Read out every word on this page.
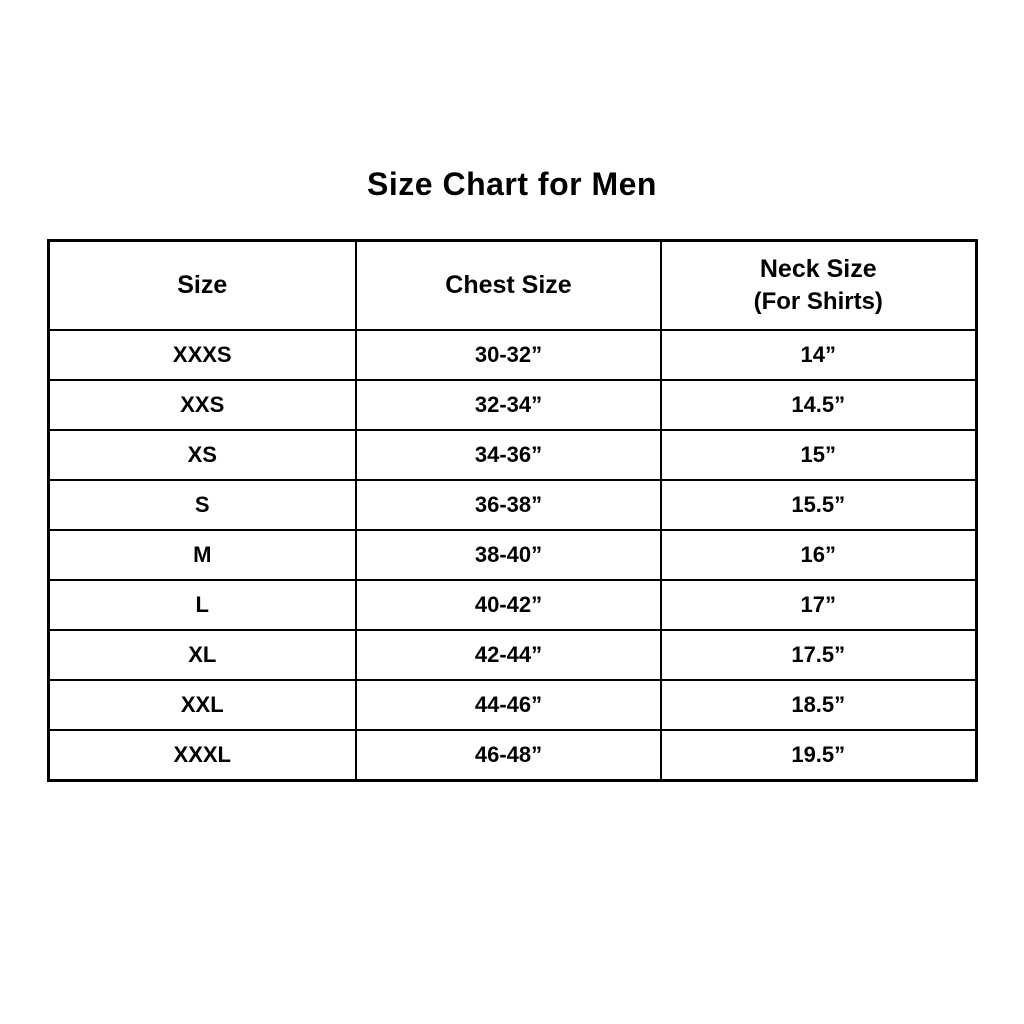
Size Chart for Men
Size	Chest Size	Neck Size
(For Shirts)
XXXS	30-32”	14”
XXS	32-34”	14.5”
XS	34-36”	15”
S	36-38”	15.5”
M	38-40”	16”
L	40-42”	17”
XL	42-44”	17.5”
XXL	44-46”	18.5”
XXXL	46-48”	19.5”
